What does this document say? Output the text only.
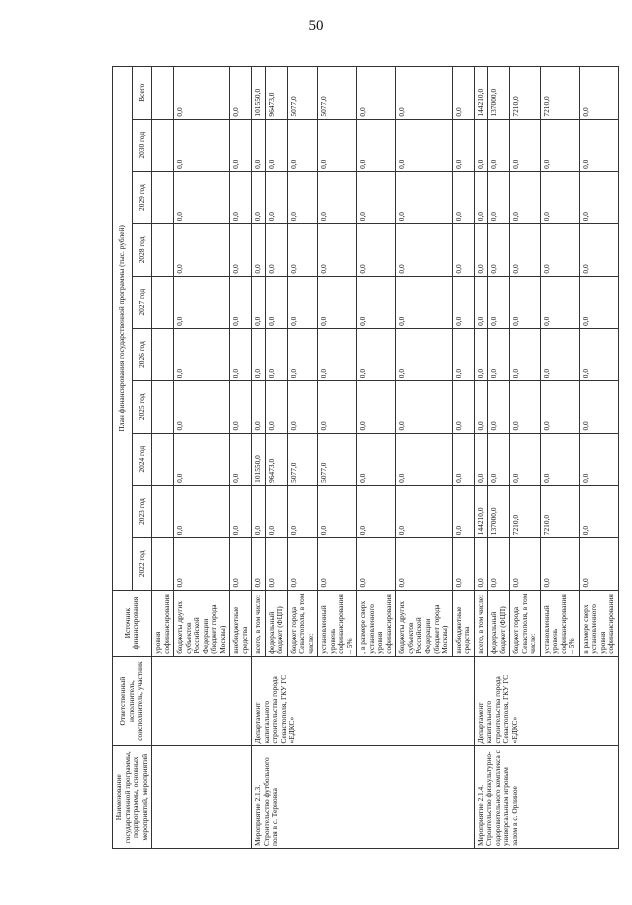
50
Наименование государственной программы, подпрограммы, основных мероприятий, мероприятий	Ответственный исполнитель, соисполнитель, участник	Источник финансирования	План финансирования государственной программы (тыс. рублей)									
			2022 год	2023 год	2024 год	2025 год	2026 год	2027 год	2028 год	2029 год	2030 год	Всего
		уровня софинансирования										
		бюджеты других субъектов Российской Федерации (бюджет города Москвы)	0,0	0,0	0,0	0,0	0,0	0,0	0,0	0,0	0,0	0,0
		внебюджетные средства	0,0	0,0	0,0	0,0	0,0	0,0	0,0	0,0	0,0	0,0
Мероприятие 2.1.3. Строительство футбольного поля в с. Терновка	Департамент капитального строительства города Севастополя, ГКУ ГС «ЕДКС»	всего, в том числе:	0,0	0,0	101550,0	0,0	0,0	0,0	0,0	0,0	0,0	101550,0
		федеральный бюджет (ФЦП)	0,0	0,0	96473,0	0,0	0,0	0,0	0,0	0,0	0,0	96473,0
		бюджет города Севастополя, в том числе:	0,0	0,0	5077,0	0,0	0,0	0,0	0,0	0,0	0,0	5077,0
		установленный уровень софинансирования – 5%	0,0	0,0	5077,0	0,0	0,0	0,0	0,0	0,0	0,0	5077,0
		, в размере сверх установленного уровня софинансирования	0,0	0,0	0,0	0,0	0,0	0,0	0,0	0,0	0,0	0,0
		бюджеты других субъектов Российской Федерации (бюджет города Москвы)	0,0	0,0	0,0	0,0	0,0	0,0	0,0	0,0	0,0	0,0
		внебюджетные средства	0,0	0,0	0,0	0,0	0,0	0,0	0,0	0,0	0,0	0,0
Мероприятие 2.1.4. Строительство физкультурно-оздоровительного комплекса с универсальным игровым залом в с. Орлиное	Департамент капитального строительства города Севастополя, ГКУ ГС «ЕДКС»	всего, в том числе:	0,0	144210,0	0,0	0,0	0,0	0,0	0,0	0,0	0,0	144210,0
		федеральный бюджет (ФЦП)	0,0	137000,0	0,0	0,0	0,0	0,0	0,0	0,0	0,0	137000,0
		бюджет города Севастополя, в том числе:	0,0	7210,0	0,0	0,0	0,0	0,0	0,0	0,0	0,0	7210,0
		установленный уровень софинансирования – 5%	0,0	7210,0	0,0	0,0	0,0	0,0	0,0	0,0	0,0	7210,0
		в размере сверх установленного уровня софинансирования	0,0	0,0	0,0	0,0	0,0	0,0	0,0	0,0	0,0	0,0
